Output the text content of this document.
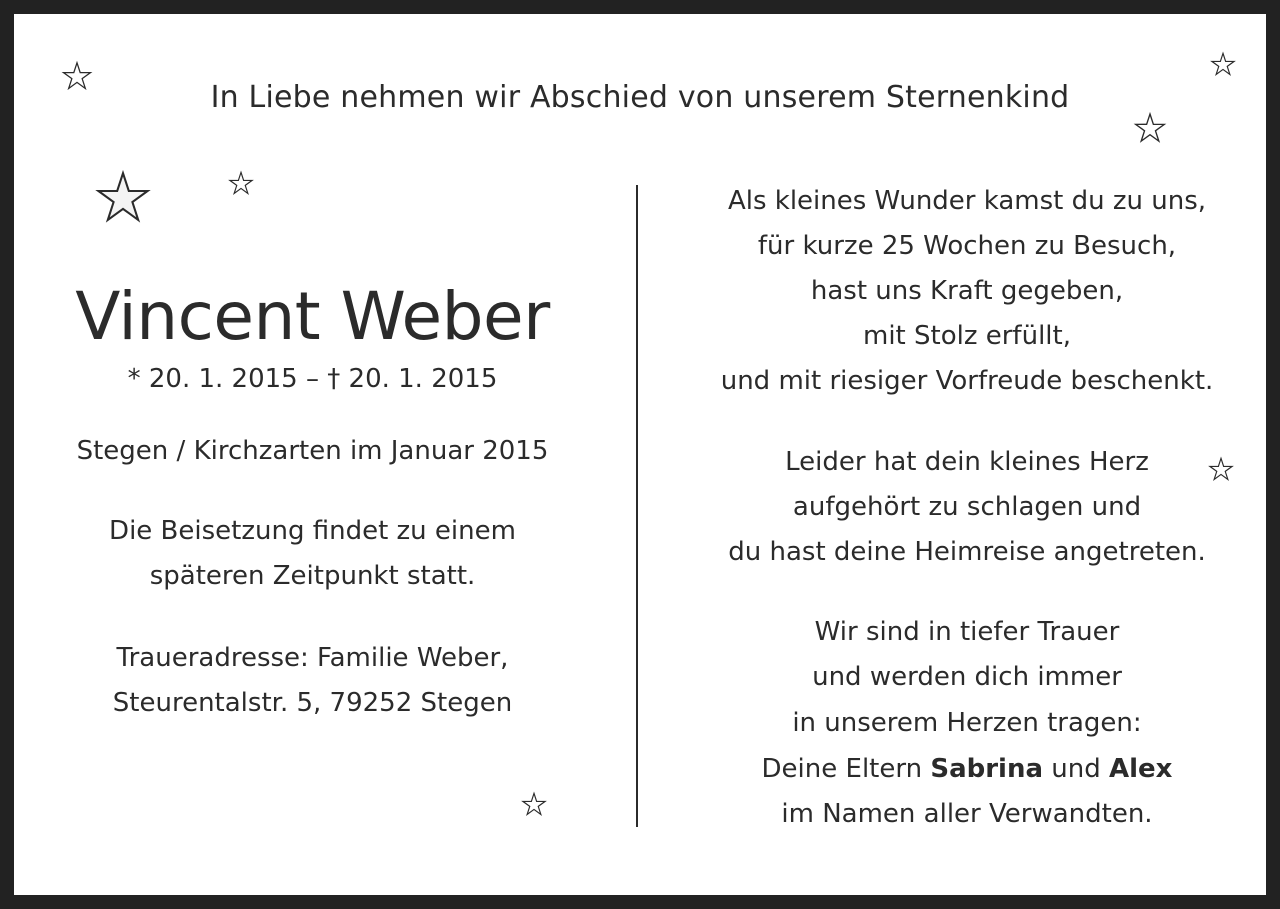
In Liebe nehmen wir Abschied von unserem Sternenkind
Vincent Weber
* 20. 1. 2015 – † 20. 1. 2015
Stegen / Kirchzarten im Januar 2015
Die Beisetzung findet zu einem
späteren Zeitpunkt statt.
Traueradresse: Familie Weber,
Steurentalstr. 5, 79252 Stegen
Als kleines Wunder kamst du zu uns,
für kurze 25 Wochen zu Besuch,
hast uns Kraft gegeben,
mit Stolz erfüllt,
und mit riesiger Vorfreude beschenkt.
Leider hat dein kleines Herz
aufgehört zu schlagen und
du hast deine Heimreise angetreten.
Wir sind in tiefer Trauer
und werden dich immer
in unserem Herzen tragen:
Deine Eltern Sabrina und Alex
im Namen aller Verwandten.
